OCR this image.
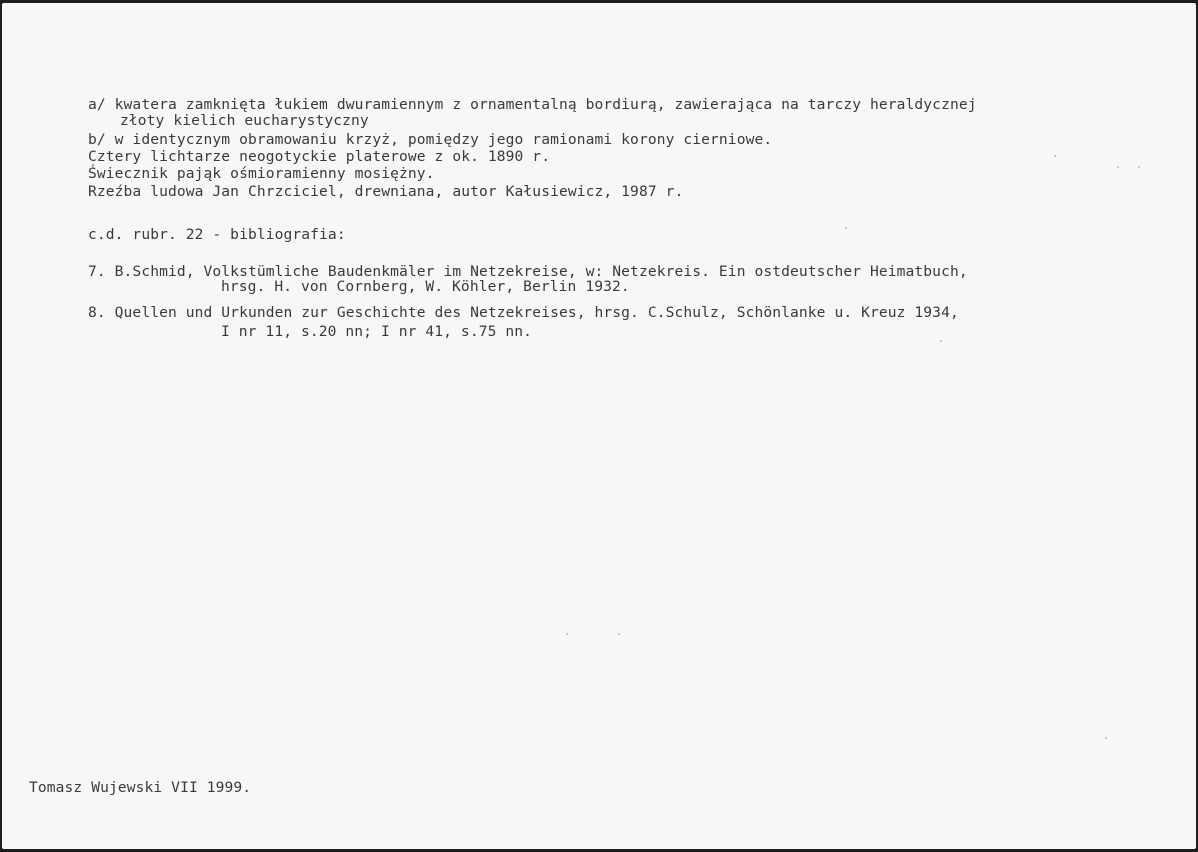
a/ kwatera zamknięta łukiem dwuramiennym z ornamentalną bordiurą, zawierająca na tarczy heraldycznej

złoty kielich eucharystyczny

b/ w identycznym obramowaniu krzyż, pomiędzy jego ramionami korony cierniowe.

Cztery lichtarze neogotyckie platerowe z ok. 1890 r.

Świecznik pająk ośmioramienny mosiężny.

Rzeźba ludowa Jan Chrzciciel, drewniana, autor Kałusiewicz, 1987 r.

c.d. rubr. 22 - bibliografia:

7. B.Schmid, Volkstümliche Baudenkmäler im Netzekreise, w: Netzekreis. Ein ostdeutscher Heimatbuch,

hrsg. H. von Cornberg, W. Köhler, Berlin 1932.

8. Quellen und Urkunden zur Geschichte des Netzekreises, hrsg. C.Schulz, Schönlanke u. Kreuz 1934,

I nr 11, s.20 nn; I nr 41, s.75 nn.

Tomasz Wujewski VII 1999.
